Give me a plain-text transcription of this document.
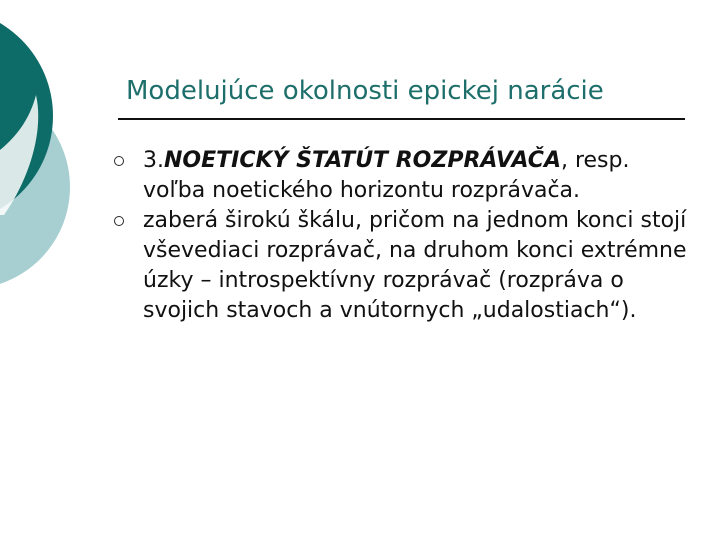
Modelujúce okolnosti epickej narácie
3.NOETICKÝ ŠTATÚT ROZPRÁVAČA, resp. voľba noetického horizontu rozprávača.
zaberá širokú škálu, pričom na jednom konci stojí vševediaci rozprávač, na druhom konci extrémne úzky – introspektívny rozprávač (rozpráva o svojich stavoch a vnútornych „udalostiach“).
